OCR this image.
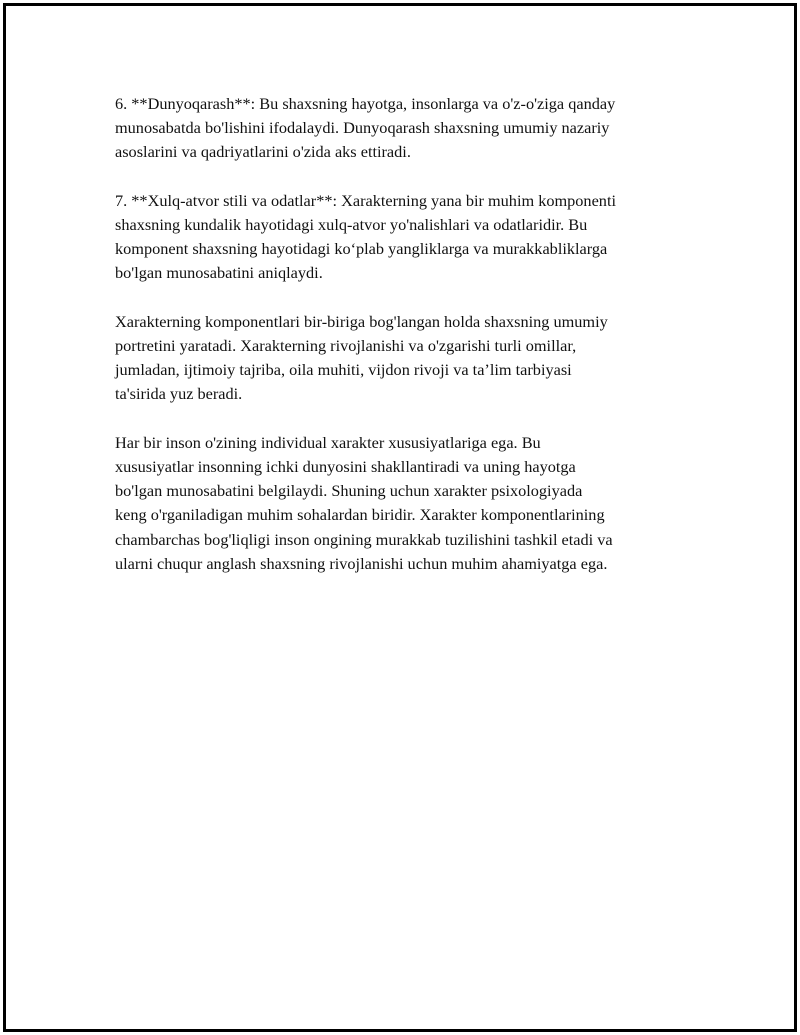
6. **Dunyoqarash**: Bu shaxsning hayotga, insonlarga va o'z-o'ziga qanday
munosabatda bo'lishini ifodalaydi. Dunyoqarash shaxsning umumiy nazariy
asoslarini va qadriyatlarini o'zida aks ettiradi.

7. **Xulq-atvor stili va odatlar**: Xarakterning yana bir muhim komponenti
shaxsning kundalik hayotidagi xulq-atvor yo'nalishlari va odatlaridir. Bu
komponent shaxsning hayotidagi ko‘plab yangliklarga va murakkabliklarga
bo'lgan munosabatini aniqlaydi.

Xarakterning komponentlari bir-biriga bog'langan holda shaxsning umumiy
portretini yaratadi. Xarakterning rivojlanishi va o'zgarishi turli omillar,
jumladan, ijtimoiy tajriba, oila muhiti, vijdon rivoji va ta’lim tarbiyasi
ta'sirida yuz beradi.

Har bir inson o'zining individual xarakter xususiyatlariga ega. Bu
xususiyatlar insonning ichki dunyosini shakllantiradi va uning hayotga
bo'lgan munosabatini belgilaydi. Shuning uchun xarakter psixologiyada
keng o'rganiladigan muhim sohalardan biridir. Xarakter komponentlarining
chambarchas bog'liqligi inson ongining murakkab tuzilishini tashkil etadi va
ularni chuqur anglash shaxsning rivojlanishi uchun muhim ahamiyatga ega.
